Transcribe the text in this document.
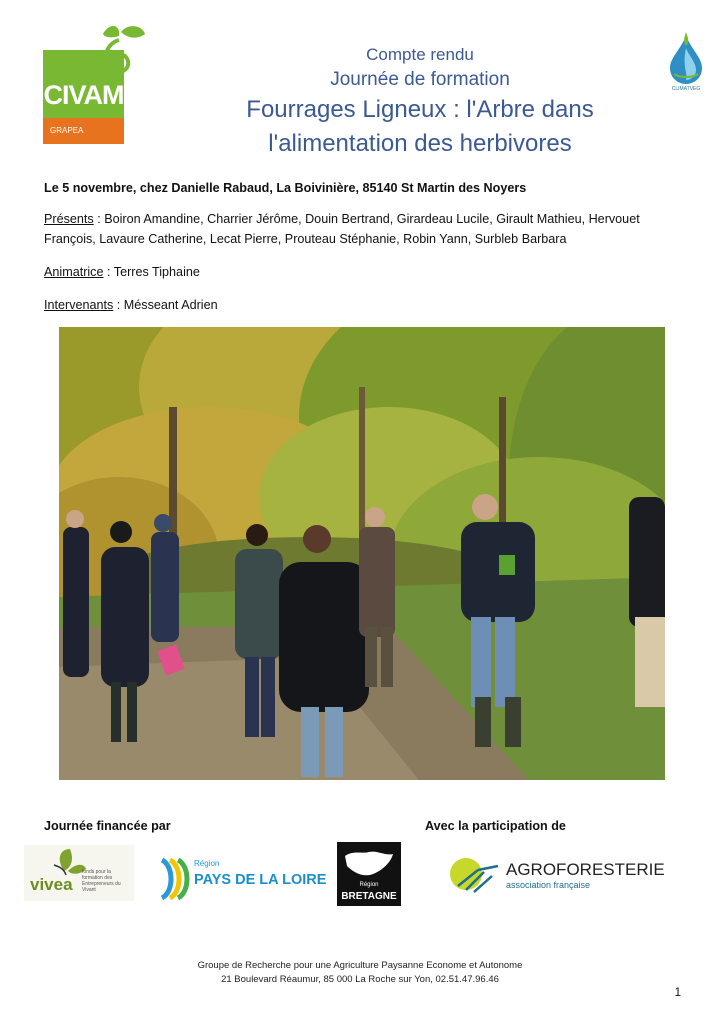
CIVAM
GRAPEA
CLIMATVEG
Compte rendu
Journée de formation
Fourrages Ligneux : l'Arbre dans
l'alimentation des herbivores
Le 5 novembre, chez Danielle Rabaud, La Boivinière, 85140 St Martin des Noyers
Présents : Boiron Amandine, Charrier Jérôme, Douin Bertrand, Girardeau Lucile, Girault Mathieu, Hervouet François, Lavaure Catherine, Lecat Pierre, Prouteau Stéphanie, Robin Yann, Surbleb Barbara
Animatrice : Terres Tiphaine
Intervenants : Mésseant Adrien
Journée financée par	Avec la participation de
vivea
fonds pour la formation des Entrepreneurs du Vivant
Région
PAYS DE LA LOIRE	Région
BRETAGNE
AGROFORESTERIE
association française
Groupe de Recherche pour une Agriculture Paysanne Econome et Autonome
21 Boulevard Réaumur, 85 000 La Roche sur Yon, 02.51.47.96.46
1
